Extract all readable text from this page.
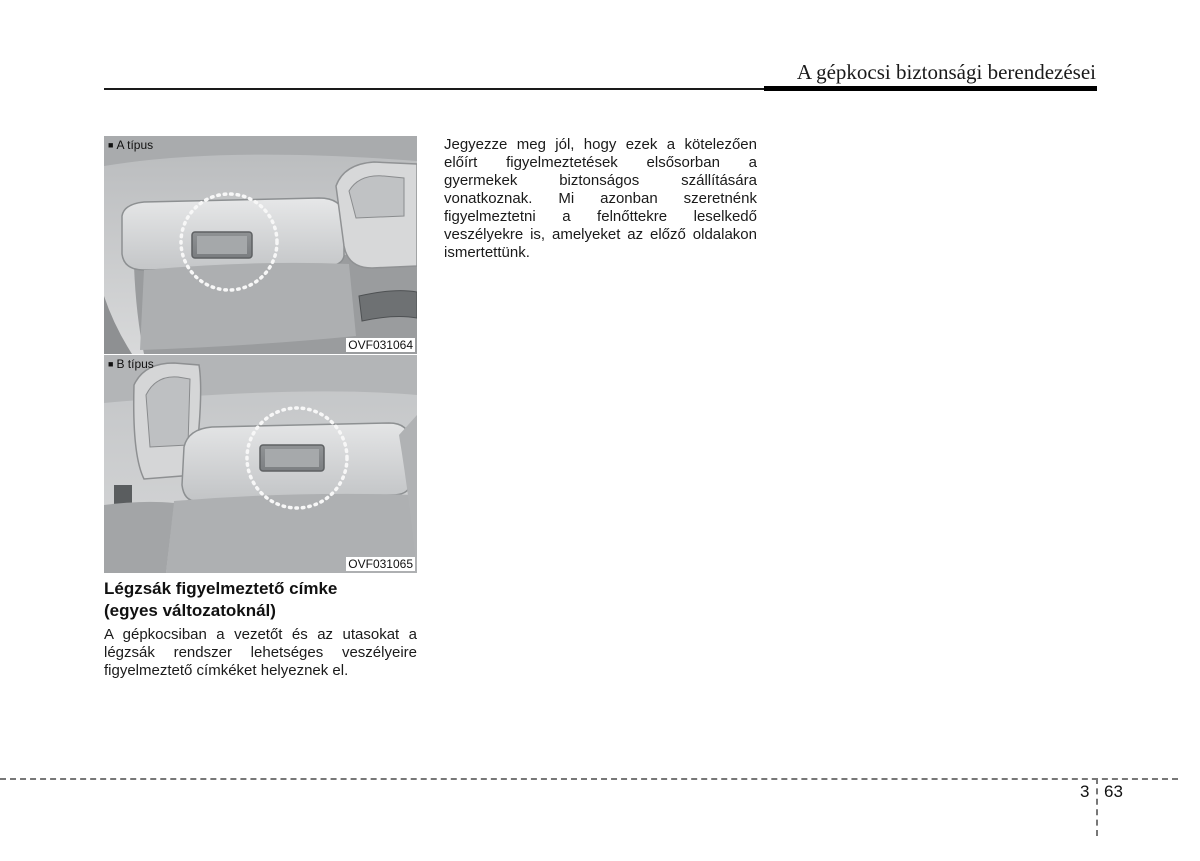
A gépkocsi biztonsági berendezései
■ A típus
OVF031064
■ B típus
OVF031065
Légzsák figyelmeztető címke
(egyes változatoknál)
A gépkocsiban a vezetőt és az utasokat a légzsák rendszer lehetséges veszélyeire figyelmeztető címkéket helyeznek el.
Jegyezze meg jól, hogy ezek a kötelezően előírt figyelmeztetések elsősorban a gyermekek biztonságos szállítására vonatkoznak. Mi azonban szeretnénk figyelmeztetni a felnőttekre leselkedő veszélyekre is, amelyeket az előző oldalakon ismertettünk.
3 63
